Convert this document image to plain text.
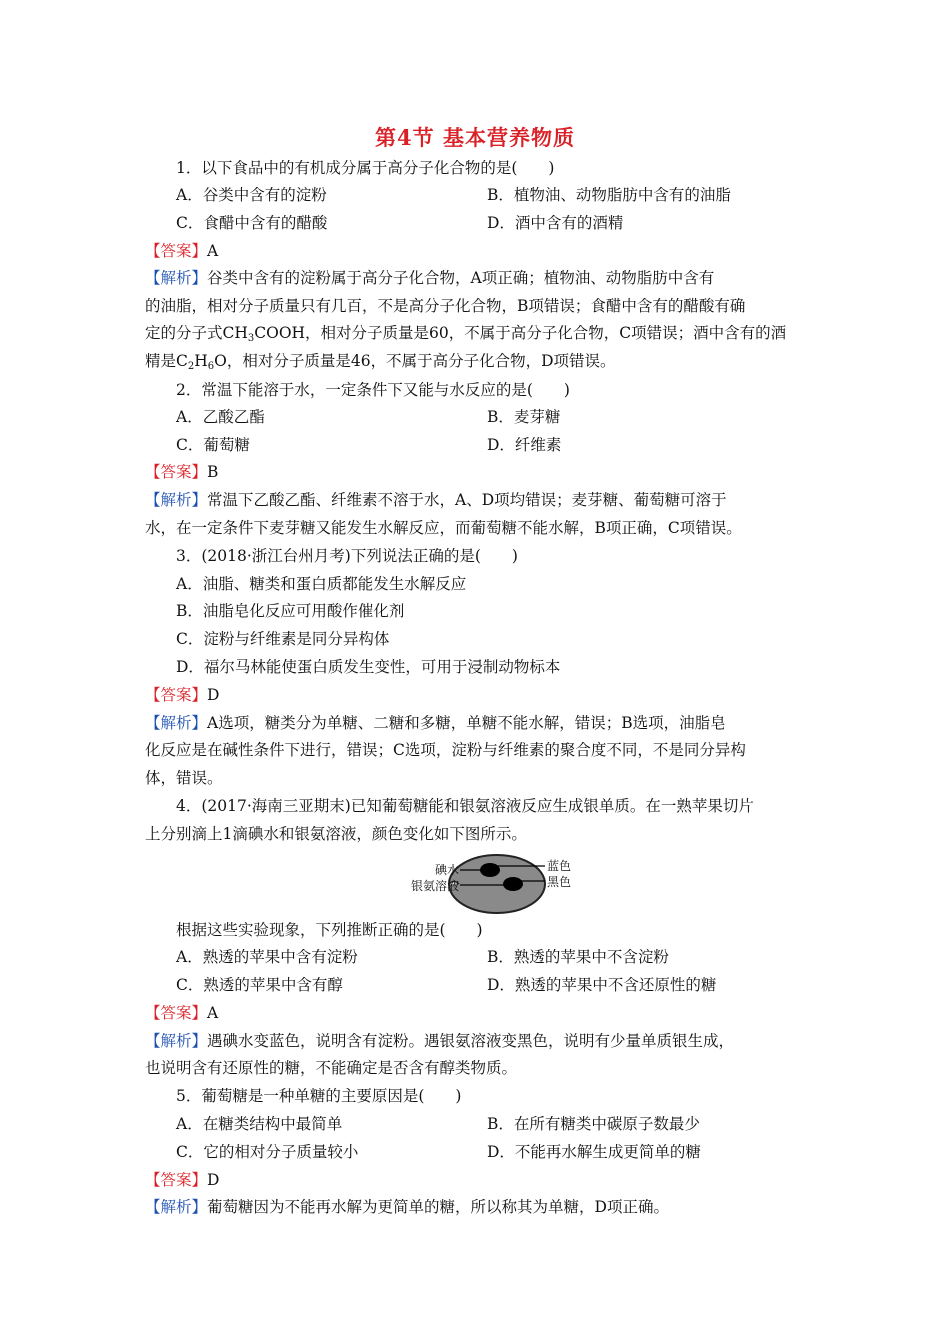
第4节 基本营养物质
1．以下食品中的有机成分属于高分子化合物的是(　　)
A．谷类中含有的淀粉	B．植物油、动物脂肪中含有的油脂
C．食醋中含有的醋酸	D．酒中含有的酒精
【答案】A
【解析】谷类中含有的淀粉属于高分子化合物，A项正确；植物油、动物脂肪中含有
的油脂，相对分子质量只有几百，不是高分子化合物，B项错误；食醋中含有的醋酸有确
定的分子式$CH_3COOH$，相对分子质量是60，不属于高分子化合物，C项错误；酒中含有的酒
精是$C_2H_6O$，相对分子质量是46，不属于高分子化合物，D项错误。
2．常温下能溶于水，一定条件下又能与水反应的是(　　)
A．乙酸乙酯	B．麦芽糖
C．葡萄糖	D．纤维素
【答案】B
【解析】常温下乙酸乙酯、纤维素不溶于水，A、D项均错误；麦芽糖、葡萄糖可溶于
水，在一定条件下麦芽糖又能发生水解反应，而葡萄糖不能水解，B项正确，C项错误。
3．(2018·浙江台州月考)下列说法正确的是(　　)
A．油脂、糖类和蛋白质都能发生水解反应
B．油脂皂化反应可用酸作催化剂
C．淀粉与纤维素是同分异构体
D．福尔马林能使蛋白质发生变性，可用于浸制动物标本
【答案】D
【解析】A选项，糖类分为单糖、二糖和多糖，单糖不能水解，错误；B选项，油脂皂
化反应是在碱性条件下进行，错误；C选项，淀粉与纤维素的聚合度不同，不是同分异构
体，错误。
4．(2017·海南三亚期末)已知葡萄糖能和银氨溶液反应生成银单质。在一熟苹果切片
上分别滴上1滴碘水和银氨溶液，颜色变化如下图所示。
碘水
银氨溶液
蓝色
黑色
根据这些实验现象，下列推断正确的是(　　)
A．熟透的苹果中含有淀粉	B．熟透的苹果中不含淀粉
C．熟透的苹果中含有醇	D．熟透的苹果中不含还原性的糖
【答案】A
【解析】遇碘水变蓝色，说明含有淀粉。遇银氨溶液变黑色，说明有少量单质银生成，
也说明含有还原性的糖，不能确定是否含有醇类物质。
5．葡萄糖是一种单糖的主要原因是(　　)
A．在糖类结构中最简单	B．在所有糖类中碳原子数最少
C．它的相对分子质量较小	D．不能再水解生成更简单的糖
【答案】D
【解析】葡萄糖因为不能再水解为更简单的糖，所以称其为单糖，D项正确。
